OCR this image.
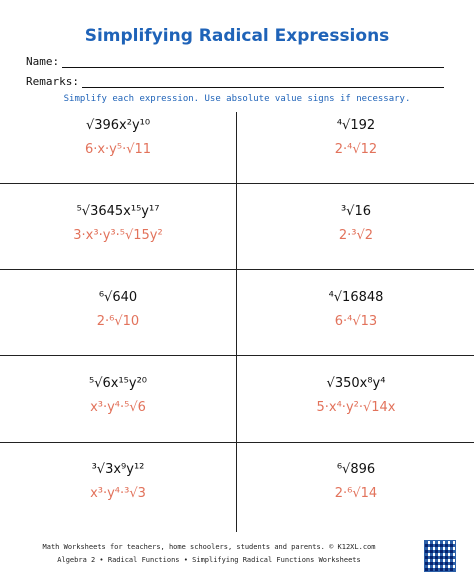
Simplifying Radical Expressions
Name:
Remarks:
Simplify each expression. Use absolute value signs if necessary.
√396x²y¹⁰
6·x·y⁵·√11
⁴√192
2·⁴√12
⁵√3645x¹⁵y¹⁷
3·x³·y³·⁵√15y²
³√16
2·³√2
⁶√640
2·⁶√10
⁴√16848
6·⁴√13
⁵√6x¹⁵y²⁰
x³·y⁴·⁵√6
√350x⁸y⁴
5·x⁴·y²·√14x
³√3x⁹y¹²
x³·y⁴·³√3
⁶√896
2·⁶√14
Math Worksheets for teachers, home schoolers, students and parents. © K12XL.com
Algebra 2 • Radical Functions • Simplifying Radical Functions Worksheets
